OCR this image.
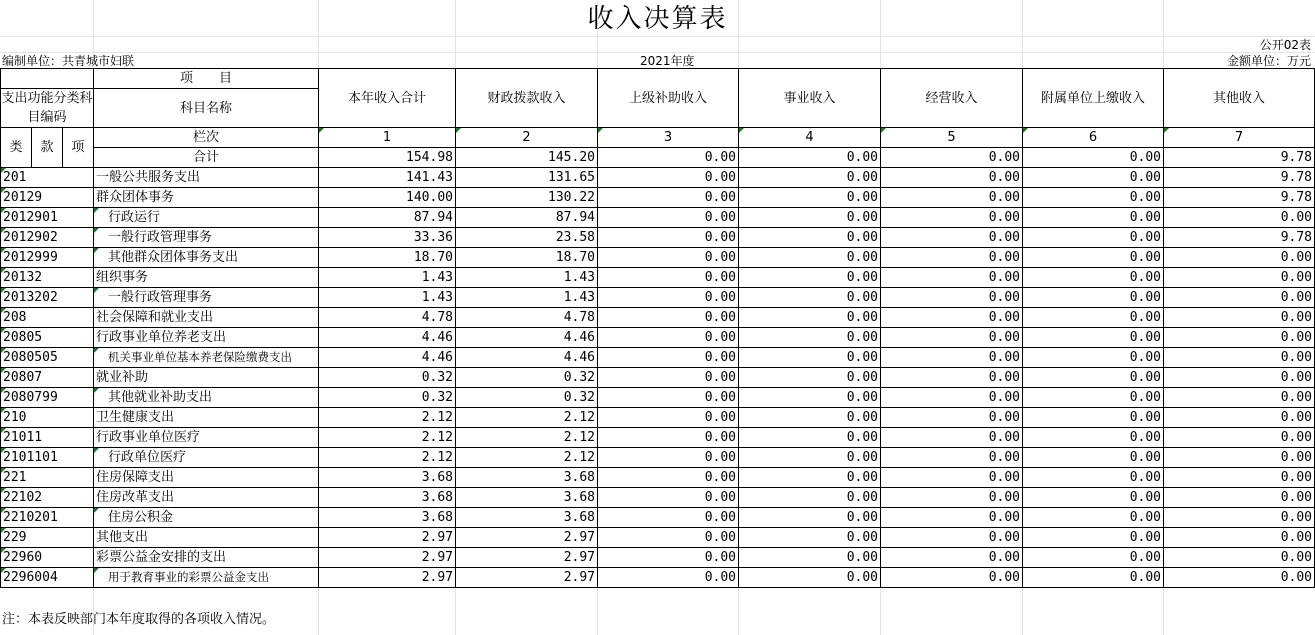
收入决算表
公开02表
编制单位：共青城市妇联	2021年度	金额单位：万元
			项　　目	本年收入合计	财政拨款收入	上级补助收入	事业收入	经营收入	附属单位上缴收入	其他收入
支出功能分类科目编码			科目名称							

类	款	项	栏次	1	2	3	4	5	6	7
			合计	154.98	145.20	0.00	0.00	0.00	0.00	9.78
201			一般公共服务支出	141.43	131.65	0.00	0.00	0.00	0.00	9.78
20129			群众团体事务	140.00	130.22	0.00	0.00	0.00	0.00	9.78
2012901			行政运行	87.94	87.94	0.00	0.00	0.00	0.00	0.00
2012902			一般行政管理事务	33.36	23.58	0.00	0.00	0.00	0.00	9.78
2012999			其他群众团体事务支出	18.70	18.70	0.00	0.00	0.00	0.00	0.00
20132			组织事务	1.43	1.43	0.00	0.00	0.00	0.00	0.00
2013202			一般行政管理事务	1.43	1.43	0.00	0.00	0.00	0.00	0.00
208			社会保障和就业支出	4.78	4.78	0.00	0.00	0.00	0.00	0.00
20805			行政事业单位养老支出	4.46	4.46	0.00	0.00	0.00	0.00	0.00
2080505			机关事业单位基本养老保险缴费支出	4.46	4.46	0.00	0.00	0.00	0.00	0.00
20807			就业补助	0.32	0.32	0.00	0.00	0.00	0.00	0.00
2080799			其他就业补助支出	0.32	0.32	0.00	0.00	0.00	0.00	0.00
210			卫生健康支出	2.12	2.12	0.00	0.00	0.00	0.00	0.00
21011			行政事业单位医疗	2.12	2.12	0.00	0.00	0.00	0.00	0.00
2101101			行政单位医疗	2.12	2.12	0.00	0.00	0.00	0.00	0.00
221			住房保障支出	3.68	3.68	0.00	0.00	0.00	0.00	0.00
22102			住房改革支出	3.68	3.68	0.00	0.00	0.00	0.00	0.00
2210201			住房公积金	3.68	3.68	0.00	0.00	0.00	0.00	0.00
229			其他支出	2.97	2.97	0.00	0.00	0.00	0.00	0.00
22960			彩票公益金安排的支出	2.97	2.97	0.00	0.00	0.00	0.00	0.00
2296004			用于教育事业的彩票公益金支出	2.97	2.97	0.00	0.00	0.00	0.00	0.00
注：本表反映部门本年度取得的各项收入情况。
